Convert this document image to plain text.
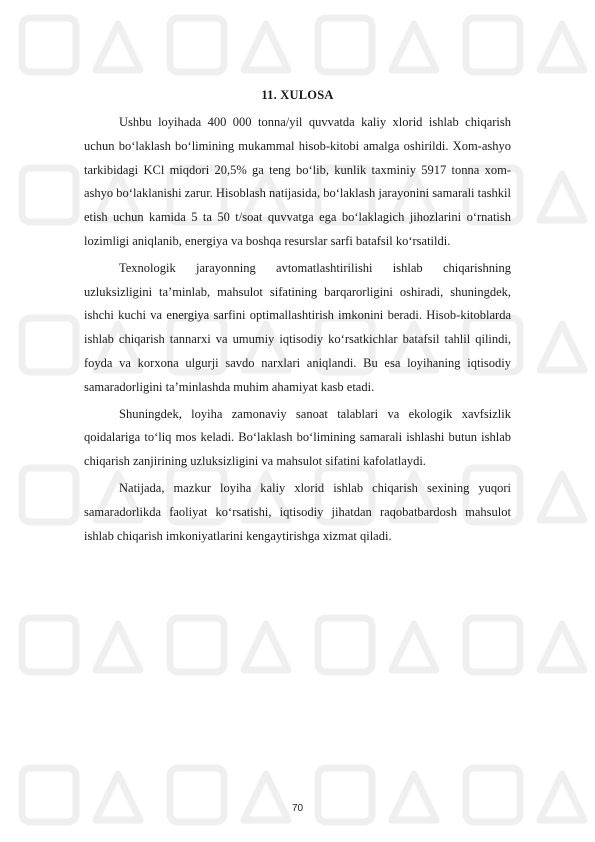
11. XULOSA

Ushbu loyihada 400 000 tonna/yil quvvatda kaliy xlorid ishlab chiqarish uchun bo‘laklash bo‘limining mukammal hisob-kitobi amalga oshirildi. Xom-ashyo tarkibidagi KCl miqdori 20,5% ga teng bo‘lib, kunlik taxminiy 5917 tonna xom-ashyo bo‘laklanishi zarur. Hisoblash natijasida, bo‘laklash jarayonini samarali tashkil etish uchun kamida 5 ta 50 t/soat quvvatga ega bo‘laklagich jihozlarini o‘rnatish lozimligi aniqlanib, energiya va boshqa resurslar sarfi batafsil ko‘rsatildi.

Texnologik jarayonning avtomatlashtirilishi ishlab chiqarishning uzluksizligini ta’minlab, mahsulot sifatining barqarorligini oshiradi, shuningdek, ishchi kuchi va energiya sarfini optimallashtirish imkonini beradi. Hisob-kitoblarda ishlab chiqarish tannarxi va umumiy iqtisodiy ko‘rsatkichlar batafsil tahlil qilindi, foyda va korxona ulgurji savdo narxlari aniqlandi. Bu esa loyihaning iqtisodiy samaradorligini ta’minlashda muhim ahamiyat kasb etadi.

Shuningdek, loyiha zamonaviy sanoat talablari va ekologik xavfsizlik qoidalariga to‘liq mos keladi. Bo‘laklash bo‘limining samarali ishlashi butun ishlab chiqarish zanjirining uzluksizligini va mahsulot sifatini kafolatlaydi.

Natijada, mazkur loyiha kaliy xlorid ishlab chiqarish sexining yuqori samaradorlikda faoliyat ko‘rsatishi, iqtisodiy jihatdan raqobatbardosh mahsulot ishlab chiqarish imkoniyatlarini kengaytirishga xizmat qiladi.

70
